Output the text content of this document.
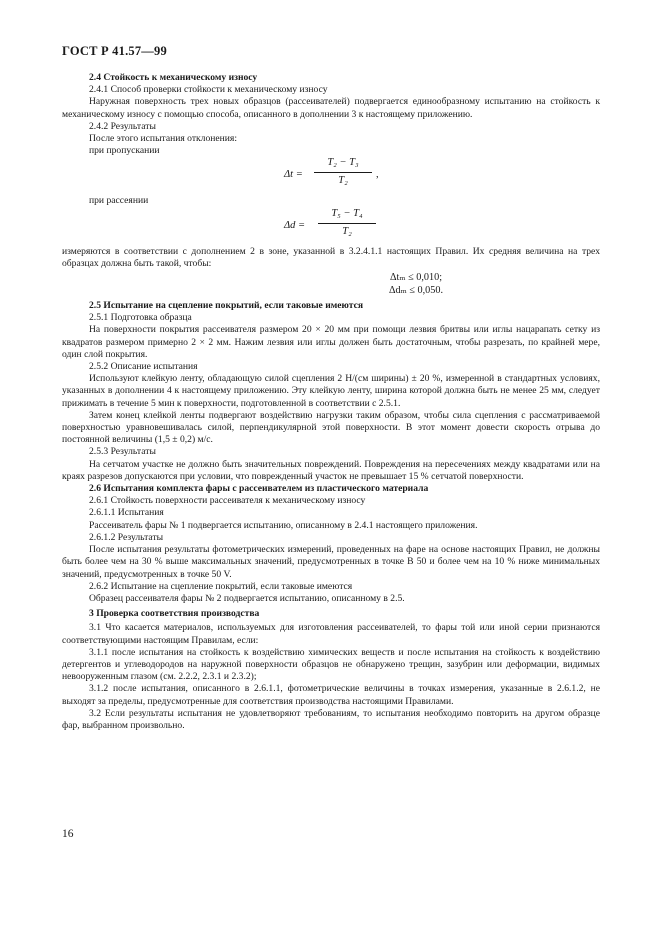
ГОСТ Р 41.57—99

2.4 Стойкость к механическому износу

2.4.1 Способ проверки стойкости к механическому износу

Наружная поверхность трех новых образцов (рассеивателей) подвергается единообразному испытанию на стойкость к механическому износу с помощью способа, описанного в дополнении 3 к настоящему приложению.

2.4.2 Результаты

После этого испытания отклонения:

при пропускании

Δt =
T₂ − T₃
T₂
,

при рассеянии

Δd =
T₅ − T₄
T₂

измеряются в соответствии с дополнением 2 в зоне, указанной в 3.2.4.1.1 настоящих Правил. Их средняя величина на трех образцах должна быть такой, чтобы:

Δtₘ ≤ 0,010;
Δdₘ ≤ 0,050.

2.5 Испытание на сцепление покрытий, если таковые имеются

2.5.1 Подготовка образца

На поверхности покрытия рассеивателя размером 20 × 20 мм при помощи лезвия бритвы или иглы нацарапать сетку из квадратов размером примерно 2 × 2 мм. Нажим лезвия или иглы должен быть достаточным, чтобы разрезать, по крайней мере, один слой покрытия.

2.5.2 Описание испытания

Используют клейкую ленту, обладающую силой сцепления 2 Н/(см ширины) ± 20 %, измеренной в стандартных условиях, указанных в дополнении 4 к настоящему приложению. Эту клейкую ленту, ширина которой должна быть не менее 25 мм, следует прижимать в течение 5 мин к поверхности, подготовленной в соответствии с 2.5.1.

Затем конец клейкой ленты подвергают воздействию нагрузки таким образом, чтобы сила сцепления с рассматриваемой поверхностью уравновешивалась силой, перпендикулярной этой поверхности. В этот момент довести скорость отрыва до постоянной величины (1,5 ± 0,2) м/с.

2.5.3 Результаты

На сетчатом участке не должно быть значительных повреждений. Повреждения на пересечениях между квадратами или на краях разрезов допускаются при условии, что поврежденный участок не превышает 15 % сетчатой поверхности.

2.6 Испытания комплекта фары с рассеивателем из пластического материала

2.6.1 Стойкость поверхности рассеивателя к механическому износу

2.6.1.1 Испытания

Рассеиватель фары № 1 подвергается испытанию, описанному в 2.4.1 настоящего приложения.

2.6.1.2 Результаты

После испытания результаты фотометрических измерений, проведенных на фаре на основе настоящих Правил, не должны быть более чем на 30 % выше максимальных значений, предусмотренных в точке B 50 и более чем на 10 % ниже минимальных значений, предусмотренных в точке 50 V.

2.6.2 Испытание на сцепление покрытий, если таковые имеются

Образец рассеивателя фары № 2 подвергается испытанию, описанному в 2.5.

3 Проверка соответствия производства

3.1 Что касается материалов, используемых для изготовления рассеивателей, то фары той или иной серии признаются соответствующими настоящим Правилам, если:

3.1.1 после испытания на стойкость к воздействию химических веществ и после испытания на стойкость к воздействию детергентов и углеводородов на наружной поверхности образцов не обнаружено трещин, зазубрин или деформации, видимых невооруженным глазом (см. 2.2.2, 2.3.1 и 2.3.2);

3.1.2 после испытания, описанного в 2.6.1.1, фотометрические величины в точках измерения, указанные в 2.6.1.2, не выходят за пределы, предусмотренные для соответствия производства настоящими Правилами.

3.2 Если результаты испытания не удовлетворяют требованиям, то испытания необходимо повторить на другом образце фар, выбранном произвольно.

16
